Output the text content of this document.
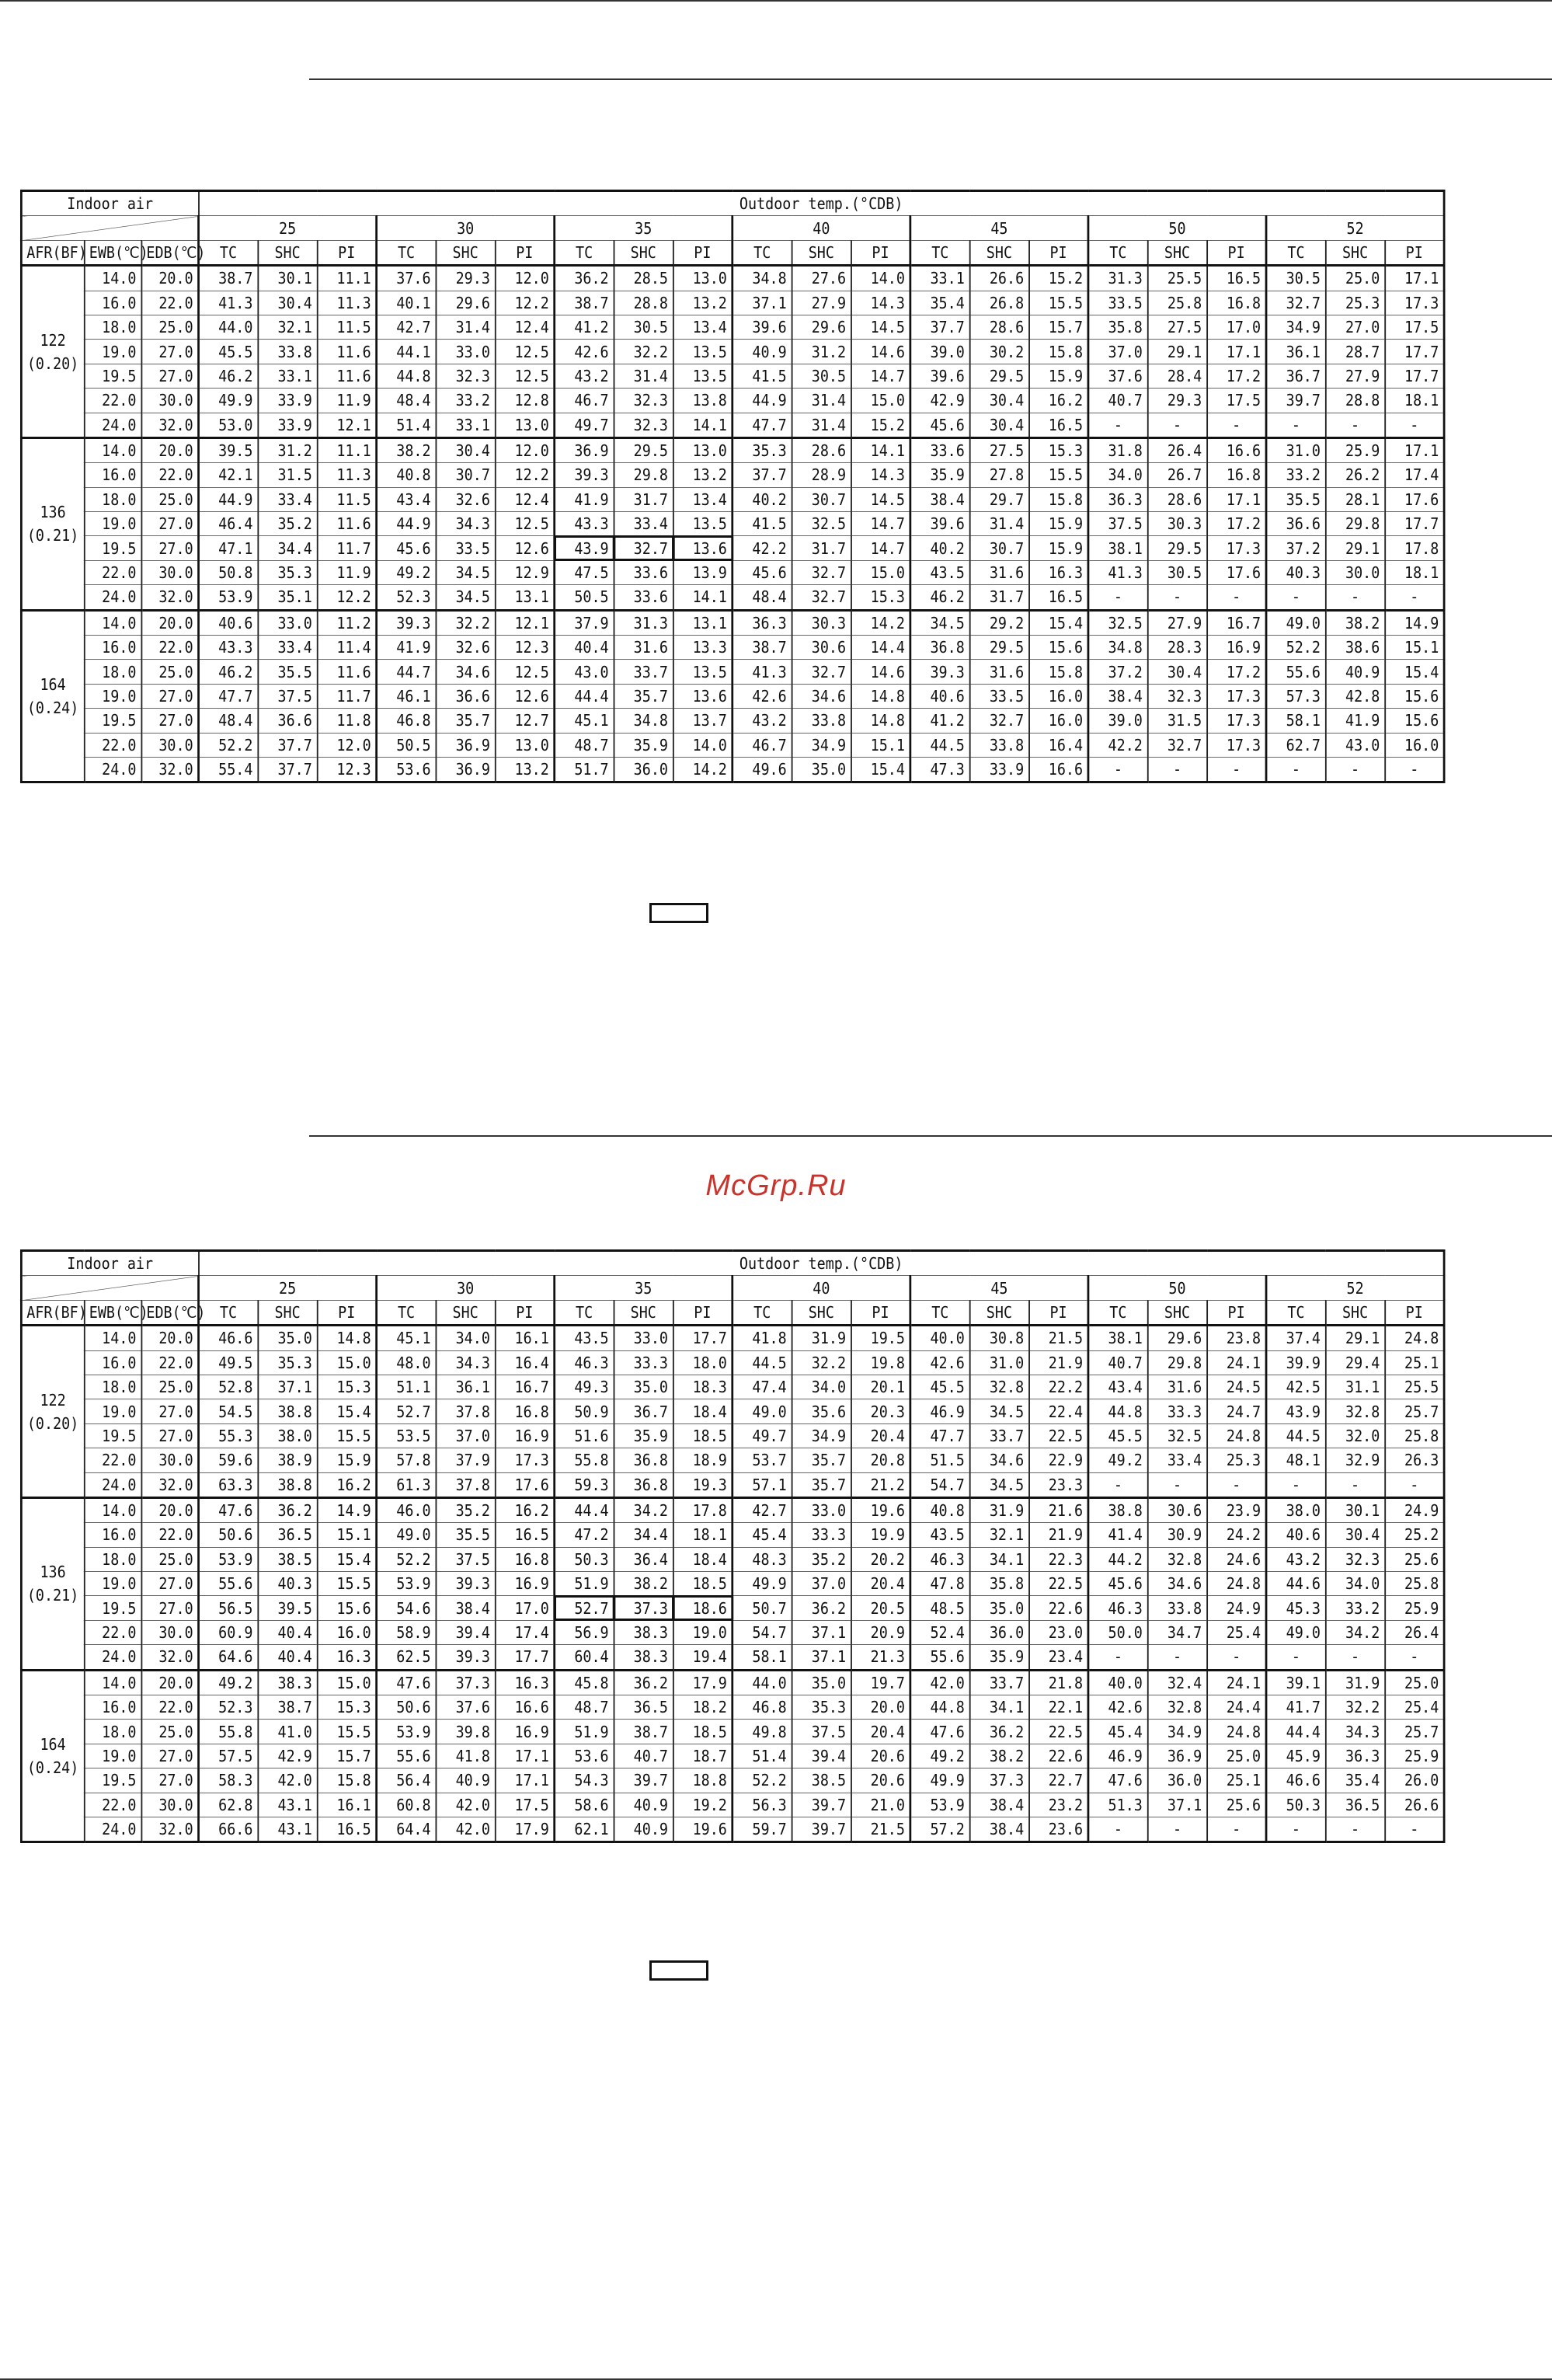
Indoor air			Outdoor temp.(°CDB)																				
			25			30			35			40			45			50			52		
AFR(BF)	EWB(℃)	EDB(℃)	TC	SHC	PI	TC	SHC	PI	TC	SHC	PI	TC	SHC	PI	TC	SHC	PI	TC	SHC	PI	TC	SHC	PI

122
(0.20)	14.0	20.0	38.7	30.1	11.1	37.6	29.3	12.0	36.2	28.5	13.0	34.8	27.6	14.0	33.1	26.6	15.2	31.3	25.5	16.5	30.5	25.0	17.1
	16.0	22.0	41.3	30.4	11.3	40.1	29.6	12.2	38.7	28.8	13.2	37.1	27.9	14.3	35.4	26.8	15.5	33.5	25.8	16.8	32.7	25.3	17.3
	18.0	25.0	44.0	32.1	11.5	42.7	31.4	12.4	41.2	30.5	13.4	39.6	29.6	14.5	37.7	28.6	15.7	35.8	27.5	17.0	34.9	27.0	17.5
	19.0	27.0	45.5	33.8	11.6	44.1	33.0	12.5	42.6	32.2	13.5	40.9	31.2	14.6	39.0	30.2	15.8	37.0	29.1	17.1	36.1	28.7	17.7
	19.5	27.0	46.2	33.1	11.6	44.8	32.3	12.5	43.2	31.4	13.5	41.5	30.5	14.7	39.6	29.5	15.9	37.6	28.4	17.2	36.7	27.9	17.7
	22.0	30.0	49.9	33.9	11.9	48.4	33.2	12.8	46.7	32.3	13.8	44.9	31.4	15.0	42.9	30.4	16.2	40.7	29.3	17.5	39.7	28.8	18.1
	24.0	32.0	53.0	33.9	12.1	51.4	33.1	13.0	49.7	32.3	14.1	47.7	31.4	15.2	45.6	30.4	16.5	-	-	-	-	-	-

136
(0.21)	14.0	20.0	39.5	31.2	11.1	38.2	30.4	12.0	36.9	29.5	13.0	35.3	28.6	14.1	33.6	27.5	15.3	31.8	26.4	16.6	31.0	25.9	17.1
	16.0	22.0	42.1	31.5	11.3	40.8	30.7	12.2	39.3	29.8	13.2	37.7	28.9	14.3	35.9	27.8	15.5	34.0	26.7	16.8	33.2	26.2	17.4
	18.0	25.0	44.9	33.4	11.5	43.4	32.6	12.4	41.9	31.7	13.4	40.2	30.7	14.5	38.4	29.7	15.8	36.3	28.6	17.1	35.5	28.1	17.6
	19.0	27.0	46.4	35.2	11.6	44.9	34.3	12.5	43.3	33.4	13.5	41.5	32.5	14.7	39.6	31.4	15.9	37.5	30.3	17.2	36.6	29.8	17.7
	19.5	27.0	47.1	34.4	11.7	45.6	33.5	12.6	43.9	32.7	13.6	42.2	31.7	14.7	40.2	30.7	15.9	38.1	29.5	17.3	37.2	29.1	17.8
	22.0	30.0	50.8	35.3	11.9	49.2	34.5	12.9	47.5	33.6	13.9	45.6	32.7	15.0	43.5	31.6	16.3	41.3	30.5	17.6	40.3	30.0	18.1
	24.0	32.0	53.9	35.1	12.2	52.3	34.5	13.1	50.5	33.6	14.1	48.4	32.7	15.3	46.2	31.7	16.5	-	-	-	-	-	-

164
(0.24)	14.0	20.0	40.6	33.0	11.2	39.3	32.2	12.1	37.9	31.3	13.1	36.3	30.3	14.2	34.5	29.2	15.4	32.5	27.9	16.7	49.0	38.2	14.9
	16.0	22.0	43.3	33.4	11.4	41.9	32.6	12.3	40.4	31.6	13.3	38.7	30.6	14.4	36.8	29.5	15.6	34.8	28.3	16.9	52.2	38.6	15.1
	18.0	25.0	46.2	35.5	11.6	44.7	34.6	12.5	43.0	33.7	13.5	41.3	32.7	14.6	39.3	31.6	15.8	37.2	30.4	17.2	55.6	40.9	15.4
	19.0	27.0	47.7	37.5	11.7	46.1	36.6	12.6	44.4	35.7	13.6	42.6	34.6	14.8	40.6	33.5	16.0	38.4	32.3	17.3	57.3	42.8	15.6
	19.5	27.0	48.4	36.6	11.8	46.8	35.7	12.7	45.1	34.8	13.7	43.2	33.8	14.8	41.2	32.7	16.0	39.0	31.5	17.3	58.1	41.9	15.6
	22.0	30.0	52.2	37.7	12.0	50.5	36.9	13.0	48.7	35.9	14.0	46.7	34.9	15.1	44.5	33.8	16.4	42.2	32.7	17.3	62.7	43.0	16.0
	24.0	32.0	55.4	37.7	12.3	53.6	36.9	13.2	51.7	36.0	14.2	49.6	35.0	15.4	47.3	33.9	16.6	-	-	-	-	-	-
McGrp.Ru
Indoor air			Outdoor temp.(°CDB)																				
			25			30			35			40			45			50			52		
AFR(BF)	EWB(℃)	EDB(℃)	TC	SHC	PI	TC	SHC	PI	TC	SHC	PI	TC	SHC	PI	TC	SHC	PI	TC	SHC	PI	TC	SHC	PI

122
(0.20)	14.0	20.0	46.6	35.0	14.8	45.1	34.0	16.1	43.5	33.0	17.7	41.8	31.9	19.5	40.0	30.8	21.5	38.1	29.6	23.8	37.4	29.1	24.8
	16.0	22.0	49.5	35.3	15.0	48.0	34.3	16.4	46.3	33.3	18.0	44.5	32.2	19.8	42.6	31.0	21.9	40.7	29.8	24.1	39.9	29.4	25.1
	18.0	25.0	52.8	37.1	15.3	51.1	36.1	16.7	49.3	35.0	18.3	47.4	34.0	20.1	45.5	32.8	22.2	43.4	31.6	24.5	42.5	31.1	25.5
	19.0	27.0	54.5	38.8	15.4	52.7	37.8	16.8	50.9	36.7	18.4	49.0	35.6	20.3	46.9	34.5	22.4	44.8	33.3	24.7	43.9	32.8	25.7
	19.5	27.0	55.3	38.0	15.5	53.5	37.0	16.9	51.6	35.9	18.5	49.7	34.9	20.4	47.7	33.7	22.5	45.5	32.5	24.8	44.5	32.0	25.8
	22.0	30.0	59.6	38.9	15.9	57.8	37.9	17.3	55.8	36.8	18.9	53.7	35.7	20.8	51.5	34.6	22.9	49.2	33.4	25.3	48.1	32.9	26.3
	24.0	32.0	63.3	38.8	16.2	61.3	37.8	17.6	59.3	36.8	19.3	57.1	35.7	21.2	54.7	34.5	23.3	-	-	-	-	-	-

136
(0.21)	14.0	20.0	47.6	36.2	14.9	46.0	35.2	16.2	44.4	34.2	17.8	42.7	33.0	19.6	40.8	31.9	21.6	38.8	30.6	23.9	38.0	30.1	24.9
	16.0	22.0	50.6	36.5	15.1	49.0	35.5	16.5	47.2	34.4	18.1	45.4	33.3	19.9	43.5	32.1	21.9	41.4	30.9	24.2	40.6	30.4	25.2
	18.0	25.0	53.9	38.5	15.4	52.2	37.5	16.8	50.3	36.4	18.4	48.3	35.2	20.2	46.3	34.1	22.3	44.2	32.8	24.6	43.2	32.3	25.6
	19.0	27.0	55.6	40.3	15.5	53.9	39.3	16.9	51.9	38.2	18.5	49.9	37.0	20.4	47.8	35.8	22.5	45.6	34.6	24.8	44.6	34.0	25.8
	19.5	27.0	56.5	39.5	15.6	54.6	38.4	17.0	52.7	37.3	18.6	50.7	36.2	20.5	48.5	35.0	22.6	46.3	33.8	24.9	45.3	33.2	25.9
	22.0	30.0	60.9	40.4	16.0	58.9	39.4	17.4	56.9	38.3	19.0	54.7	37.1	20.9	52.4	36.0	23.0	50.0	34.7	25.4	49.0	34.2	26.4
	24.0	32.0	64.6	40.4	16.3	62.5	39.3	17.7	60.4	38.3	19.4	58.1	37.1	21.3	55.6	35.9	23.4	-	-	-	-	-	-

164
(0.24)	14.0	20.0	49.2	38.3	15.0	47.6	37.3	16.3	45.8	36.2	17.9	44.0	35.0	19.7	42.0	33.7	21.8	40.0	32.4	24.1	39.1	31.9	25.0
	16.0	22.0	52.3	38.7	15.3	50.6	37.6	16.6	48.7	36.5	18.2	46.8	35.3	20.0	44.8	34.1	22.1	42.6	32.8	24.4	41.7	32.2	25.4
	18.0	25.0	55.8	41.0	15.5	53.9	39.8	16.9	51.9	38.7	18.5	49.8	37.5	20.4	47.6	36.2	22.5	45.4	34.9	24.8	44.4	34.3	25.7
	19.0	27.0	57.5	42.9	15.7	55.6	41.8	17.1	53.6	40.7	18.7	51.4	39.4	20.6	49.2	38.2	22.6	46.9	36.9	25.0	45.9	36.3	25.9
	19.5	27.0	58.3	42.0	15.8	56.4	40.9	17.1	54.3	39.7	18.8	52.2	38.5	20.6	49.9	37.3	22.7	47.6	36.0	25.1	46.6	35.4	26.0
	22.0	30.0	62.8	43.1	16.1	60.8	42.0	17.5	58.6	40.9	19.2	56.3	39.7	21.0	53.9	38.4	23.2	51.3	37.1	25.6	50.3	36.5	26.6
	24.0	32.0	66.6	43.1	16.5	64.4	42.0	17.9	62.1	40.9	19.6	59.7	39.7	21.5	57.2	38.4	23.6	-	-	-	-	-	-
